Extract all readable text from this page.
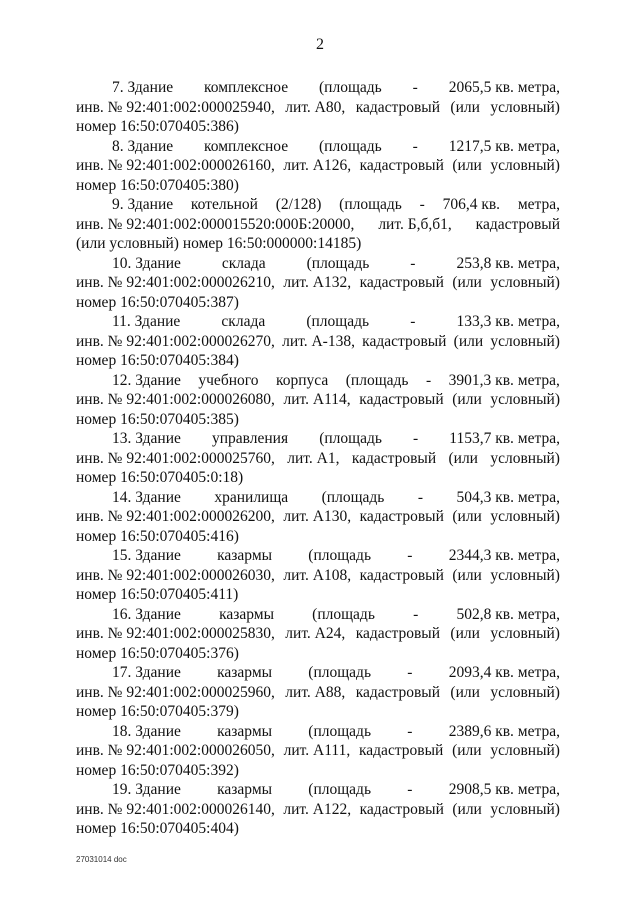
2
7. Здание комплексное (площадь - 2065,5 кв. метра,
инв. № 92:401:002:000025940, лит. А80, кадастровый (или условный)
номер 16:50:070405:386)
8. Здание комплексное (площадь - 1217,5 кв. метра,
инв. № 92:401:002:000026160, лит. А126, кадастровый (или условный)
номер 16:50:070405:380)
9. Здание котельной (2/128) (площадь - 706,4 кв. метра,
инв. № 92:401:002:000015520:000Б:20000, лит. Б,б,б1, кадастровый
(или условный) номер 16:50:000000:14185)
10. Здание	склада	(площадь	-	253,8 кв. метра,
инв. № 92:401:002:000026210, лит. А132, кадастровый (или условный)
номер 16:50:070405:387)
11. Здание	склада	(площадь	-	133,3 кв. метра,
инв. № 92:401:002:000026270, лит. А-138, кадастровый (или условный)
номер 16:50:070405:384)
12. Здание учебного корпуса (площадь - 3901,3 кв. метра,
инв. № 92:401:002:000026080, лит. А114, кадастровый (или условный)
номер 16:50:070405:385)
13. Здание управления (площадь - 1153,7 кв. метра,
инв. № 92:401:002:000025760, лит. А1, кадастровый (или условный)
номер 16:50:070405:0:18)
14. Здание хранилища (площадь - 504,3 кв. метра,
инв. № 92:401:002:000026200, лит. А130, кадастровый (или условный)
номер 16:50:070405:416)
15. Здание казармы (площадь - 2344,3 кв. метра,
инв. № 92:401:002:000026030, лит. А108, кадастровый (или условный)
номер 16:50:070405:411)
16. Здание казармы (площадь - 502,8 кв. метра,
инв. № 92:401:002:000025830, лит. А24, кадастровый (или условный)
номер 16:50:070405:376)
17. Здание казармы (площадь - 2093,4 кв. метра,
инв. № 92:401:002:000025960, лит. А88, кадастровый (или условный)
номер 16:50:070405:379)
18. Здание казармы (площадь - 2389,6 кв. метра,
инв. № 92:401:002:000026050, лит. А111, кадастровый (или условный)
номер 16:50:070405:392)
19. Здание казармы (площадь - 2908,5 кв. метра,
инв. № 92:401:002:000026140, лит. А122, кадастровый (или условный)
номер 16:50:070405:404)
27031014 doc
